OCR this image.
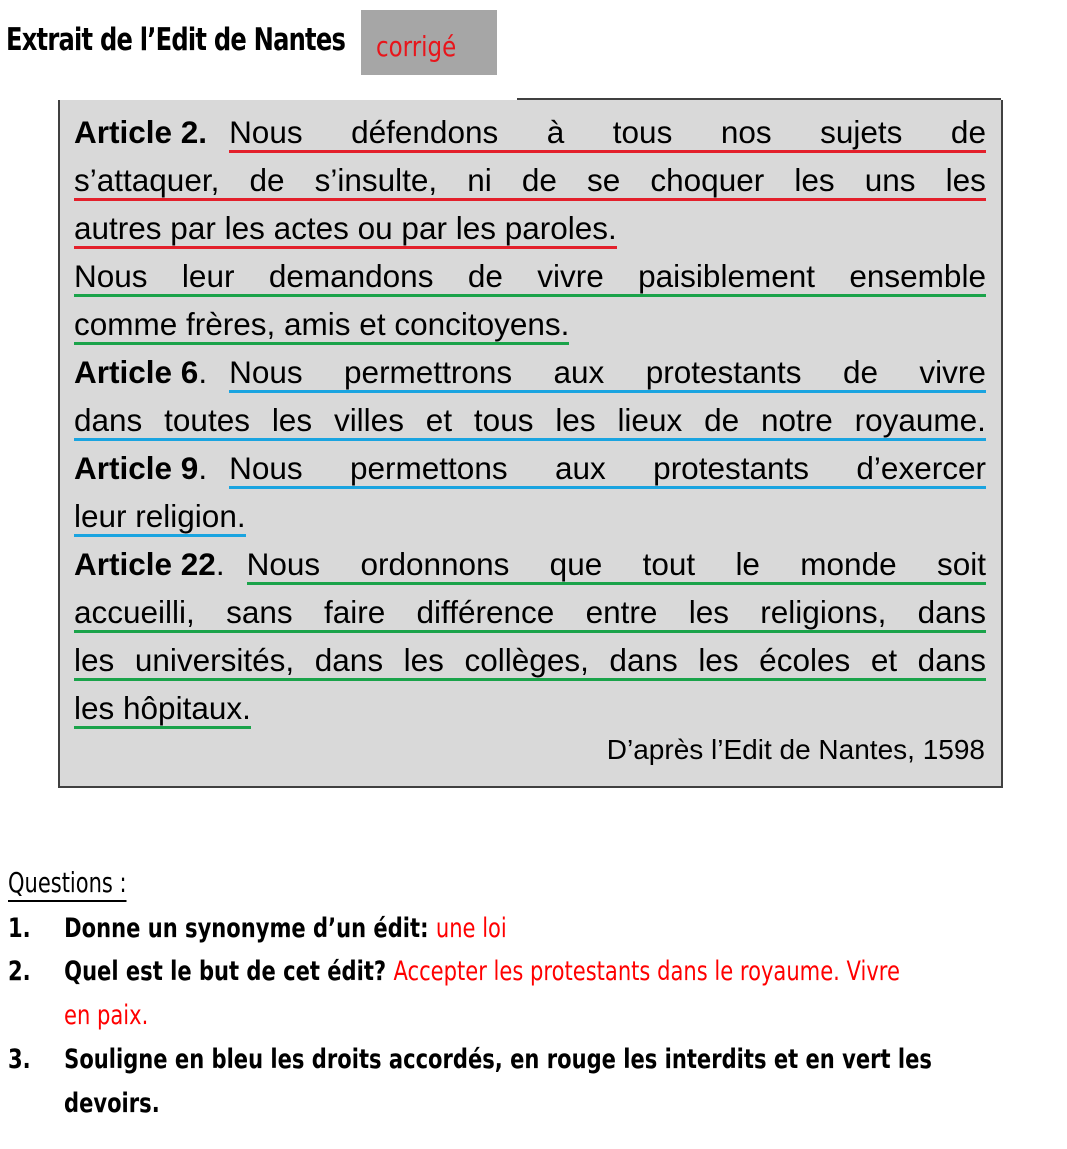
Extrait de l’Edit de Nantes corrigé
Article 2. Nous défendons à tous nos sujets de
s’attaquer, de s’insulte, ni de se choquer les uns les
autres par les actes ou par les paroles.
Nous leur demandons de vivre paisiblement ensemble
comme frères, amis et concitoyens.
Article 6 . Nous permettrons aux protestants de vivre
dans toutes les villes et tous les lieux de notre royaume.
Article 9 . Nous permettons aux protestants d’exercer
leur religion.
Article 22 . Nous ordonnons que tout le monde soit
accueilli, sans faire différence entre les religions, dans
les universités, dans les collèges, dans les écoles et dans
les hôpitaux.
D’après l’Edit de Nantes, 1598
Questions :
1. Donne un synonyme d’un édit: une loi
2. Quel est le but de cet édit? Accepter les protestants dans le royaume. Vivre
en paix.
3. Souligne en bleu les droits accordés, en rouge les interdits et en vert les
devoirs.
